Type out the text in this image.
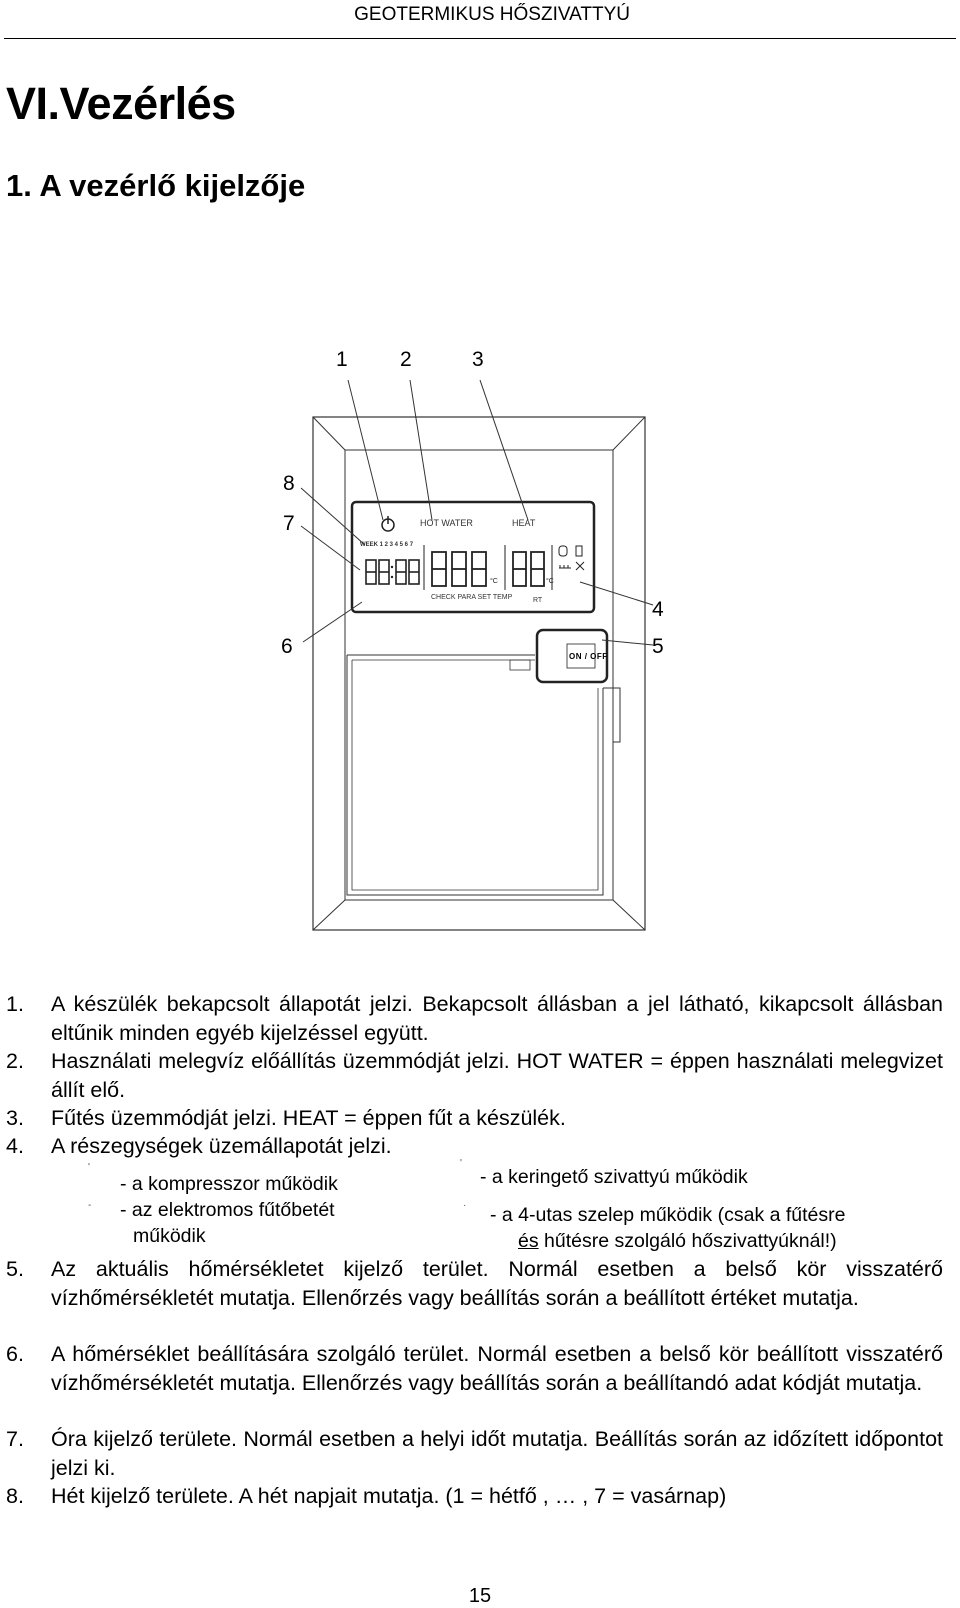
GEOTERMIKUS HŐSZIVATTYÚ
VI.Vezérlés
1. A vezérlő kijelzője
°C	°C
1 2	3
4
5
6
7
8
HOT WATER	HEAT
WEEK 1 2 3 4 5 6 7
CHECK PARA SET TEMP	RT
ON / OFF
1. A készülék bekapcsolt állapotát jelzi. Bekapcsolt állásban a jel látható, kikapcsolt állásban eltűnik minden egyéb kijelzéssel együtt.
2. Használati melegvíz előállítás üzemmódját jelzi. HOT WATER = éppen használati melegvizet állít elő.
3. Fűtés üzemmódját jelzi. HEAT = éppen fűt a készülék.
4. A részegységek üzemállapotát jelzi.
- a kompresszor működik
- az elektromos fűtőbetét
működik
- a keringető szivattyú működik
- a 4-utas szelep működik (csak a fűtésre
és hűtésre szolgáló hőszivattyúknál!)
'
-
'
·
5. Az aktuális hőmérsékletet kijelző terület. Normál esetben a belső kör visszatérő vízhőmérsékletét mutatja. Ellenőrzés vagy beállítás során a beállított értéket mutatja.
6. A hőmérséklet beállítására szolgáló terület. Normál esetben a belső kör beállított visszatérő vízhőmérsékletét mutatja. Ellenőrzés vagy beállítás során a beállítandó adat kódját mutatja.
7. Óra kijelző területe. Normál esetben a helyi időt mutatja. Beállítás során az időzített időpontot jelzi ki.
8. Hét kijelző területe. A hét napjait mutatja. (1 = hétfő , … , 7 = vasárnap)
15
